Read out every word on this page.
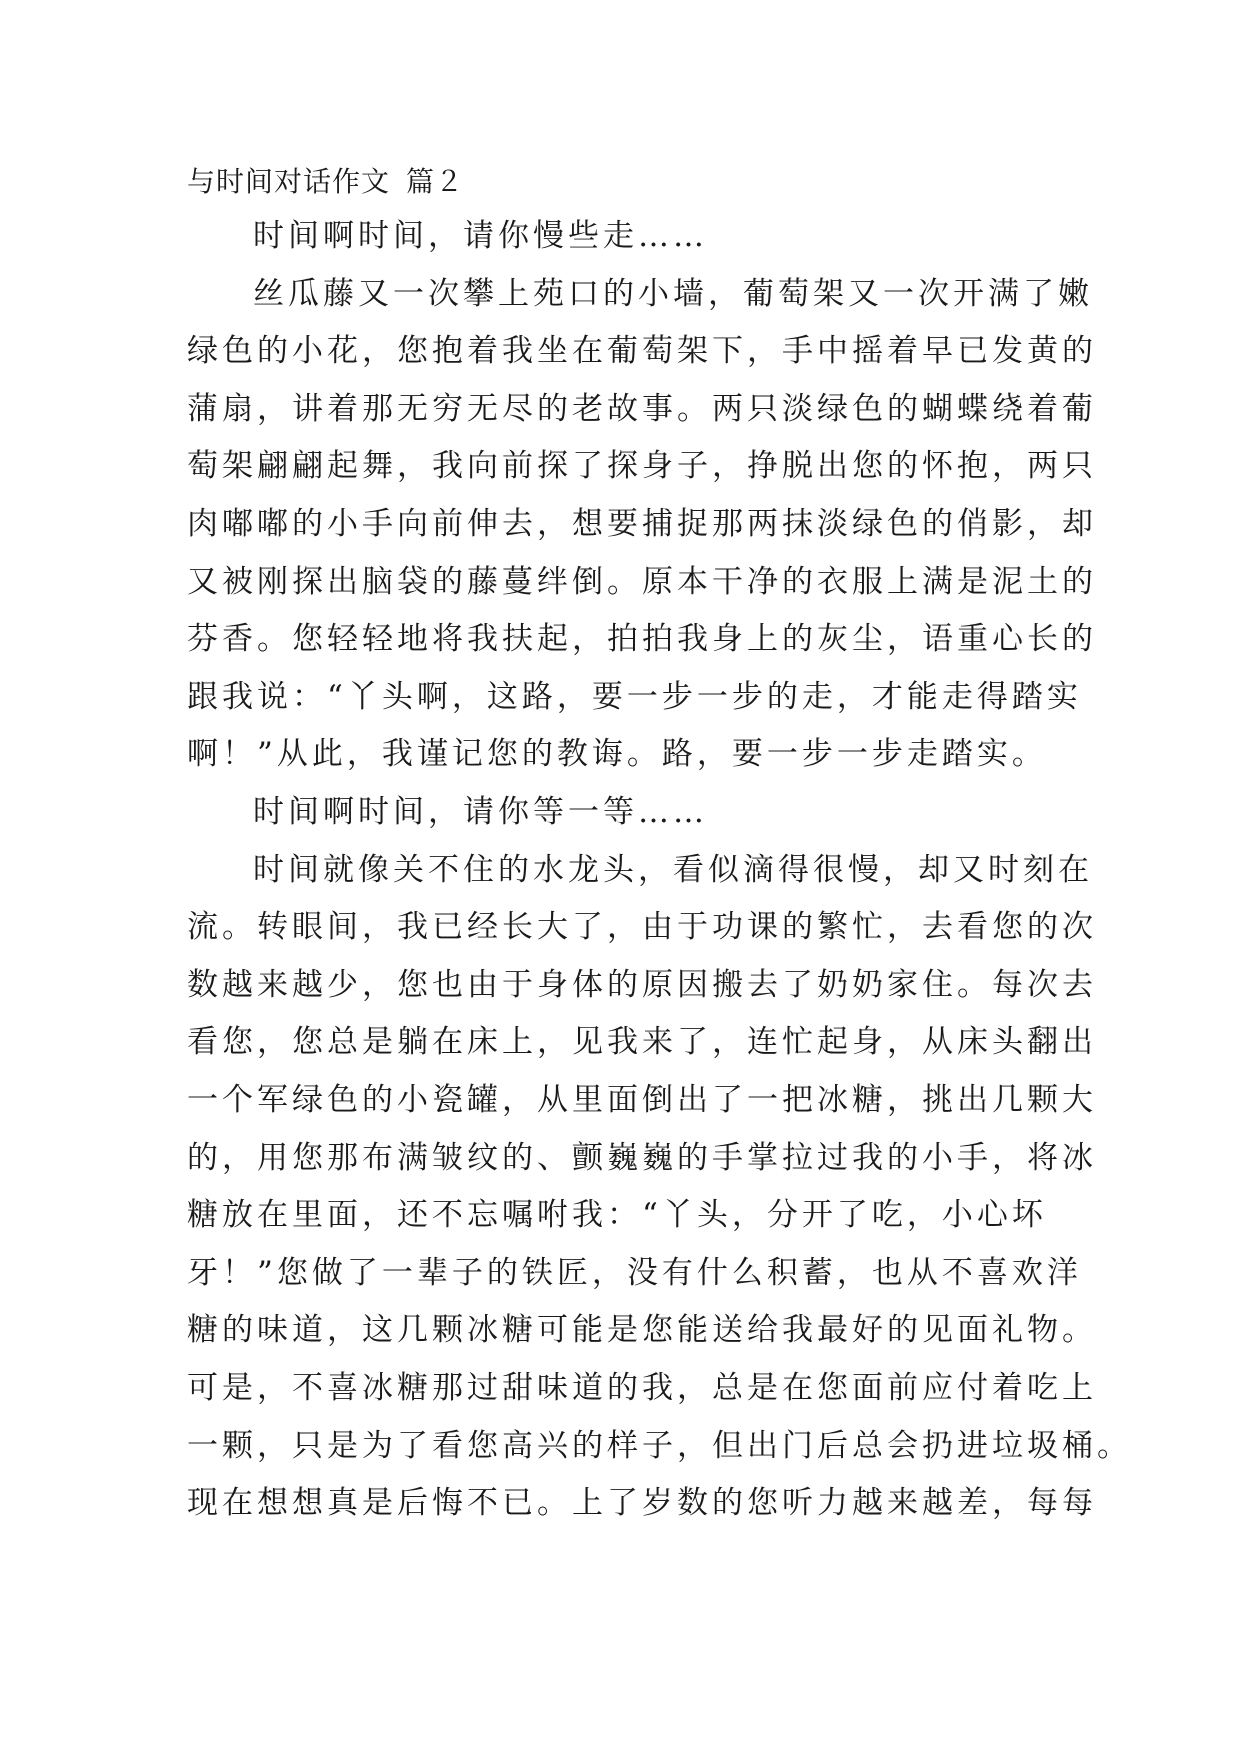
与时间对话作文 篇２
时间啊时间，请你慢些走……
丝瓜藤又一次攀上苑口的小墙，葡萄架又一次开满了嫩
绿色的小花，您抱着我坐在葡萄架下，手中摇着早已发黄的
蒲扇，讲着那无穷无尽的老故事。两只淡绿色的蝴蝶绕着葡
萄架翩翩起舞，我向前探了探身子，挣脱出您的怀抱，两只
肉嘟嘟的小手向前伸去，想要捕捉那两抹淡绿色的俏影，却
又被刚探出脑袋的藤蔓绊倒。原本干净的衣服上满是泥土的
芬香。您轻轻地将我扶起，拍拍我身上的灰尘，语重心长的
跟我说：“丫头啊，这路，要一步一步的走，才能走得踏实
啊！”从此，我谨记您的教诲。路，要一步一步走踏实。
时间啊时间，请你等一等……
时间就像关不住的水龙头，看似滴得很慢，却又时刻在
流。转眼间，我已经长大了，由于功课的繁忙，去看您的次
数越来越少，您也由于身体的原因搬去了奶奶家住。每次去
看您，您总是躺在床上，见我来了，连忙起身，从床头翻出
一个军绿色的小瓷罐，从里面倒出了一把冰糖，挑出几颗大
的，用您那布满皱纹的、颤巍巍的手掌拉过我的小手，将冰
糖放在里面，还不忘嘱咐我：“丫头，分开了吃，小心坏
牙！”您做了一辈子的铁匠，没有什么积蓄，也从不喜欢洋
糖的味道，这几颗冰糖可能是您能送给我最好的见面礼物。
可是，不喜冰糖那过甜味道的我，总是在您面前应付着吃上
一颗，只是为了看您高兴的样子，但出门后总会扔进垃圾桶。
现在想想真是后悔不已。上了岁数的您听力越来越差，每每
